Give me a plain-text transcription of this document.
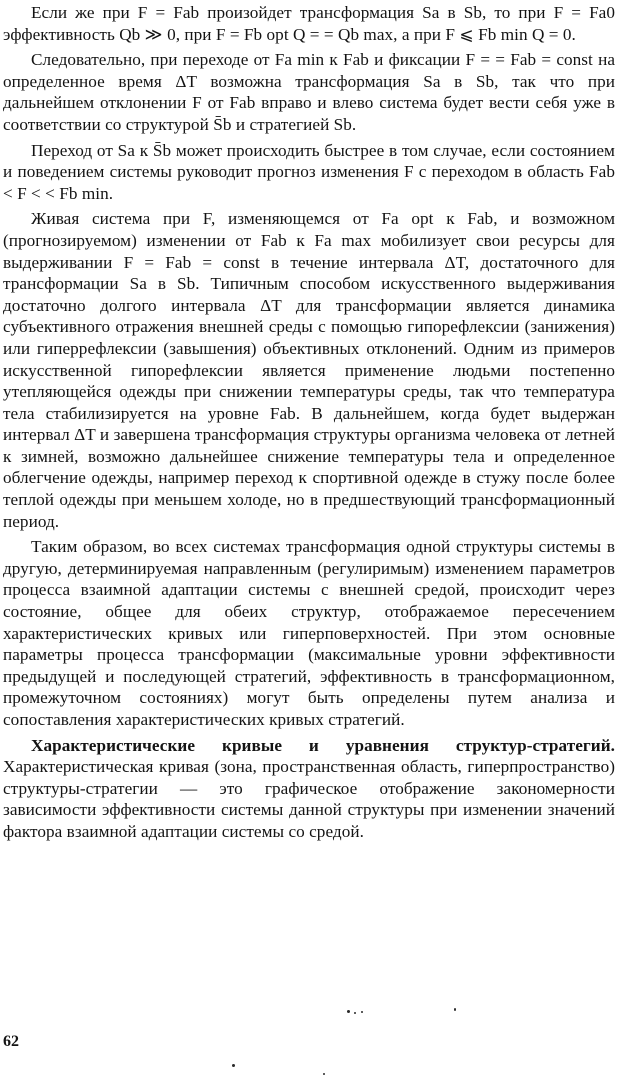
Если же при F = Fab произойдет трансформация Sa в Sb, то при F = Fa0 эффективность Qb ≫ 0, при F = Fb opt Q = = Qb max, а при F ⩽ Fb min Q = 0.

Следовательно, при переходе от Fa min к Fab и фиксации F = = Fab = const на определенное время ΔT возможна трансформация Sa в Sb, так что при дальнейшем отклонении F от Fab вправо и влево система будет вести себя уже в соответствии со структурой S̄b и стратегией Sb.

Переход от Sa к S̄b может происходить быстрее в том случае, если состоянием и поведением системы руководит прогноз изменения F с переходом в область Fab < F < < Fb min.

Живая система при F, изменяющемся от Fa opt к Fab, и возможном (прогнозируемом) изменении от Fab к Fa max мобилизует свои ресурсы для выдерживании F = Fab = const в течение интервала ΔT, достаточного для трансформации Sa в Sb. Типичным способом искусственного выдерживания достаточно долгого интервала ΔT для трансформации является динамика субъективного отражения внешней среды с помощью гипорефлексии (занижения) или гиперрефлексии (завышения) объективных отклонений. Одним из примеров искусственной гипорефлексии является применение людьми постепенно утепляющейся одежды при снижении температуры среды, так что температура тела стабилизируется на уровне Fab. В дальнейшем, когда будет выдержан интервал ΔT и завершена трансформация структуры организма человека от летней к зимней, возможно дальнейшее снижение температуры тела и определенное облегчение одежды, например переход к спортивной одежде в стужу после более теплой одежды при меньшем холоде, но в предшествующий трансформационный период.

Таким образом, во всех системах трансформация одной структуры системы в другую, детерминируемая направленным (регулиримым) изменением параметров процесса взаимной адаптации системы с внешней средой, происходит через состояние, общее для обеих структур, отображаемое пересечением характеристических кривых или гиперповерхностей. При этом основные параметры процесса трансформации (максимальные уровни эффективности предыдущей и последующей стратегий, эффективность в трансформационном, промежуточном состояниях) могут быть определены путем анализа и сопоставления характеристических кривых стратегий.

Характеристические кривые и уравнения структур-стратегий. Характеристическая кривая (зона, пространственная область, гиперпространство) структуры-стратегии — это графическое отображение закономерности зависимости эффективности системы данной структуры при изменении значений фактора взаимной адаптации системы со средой.

62
